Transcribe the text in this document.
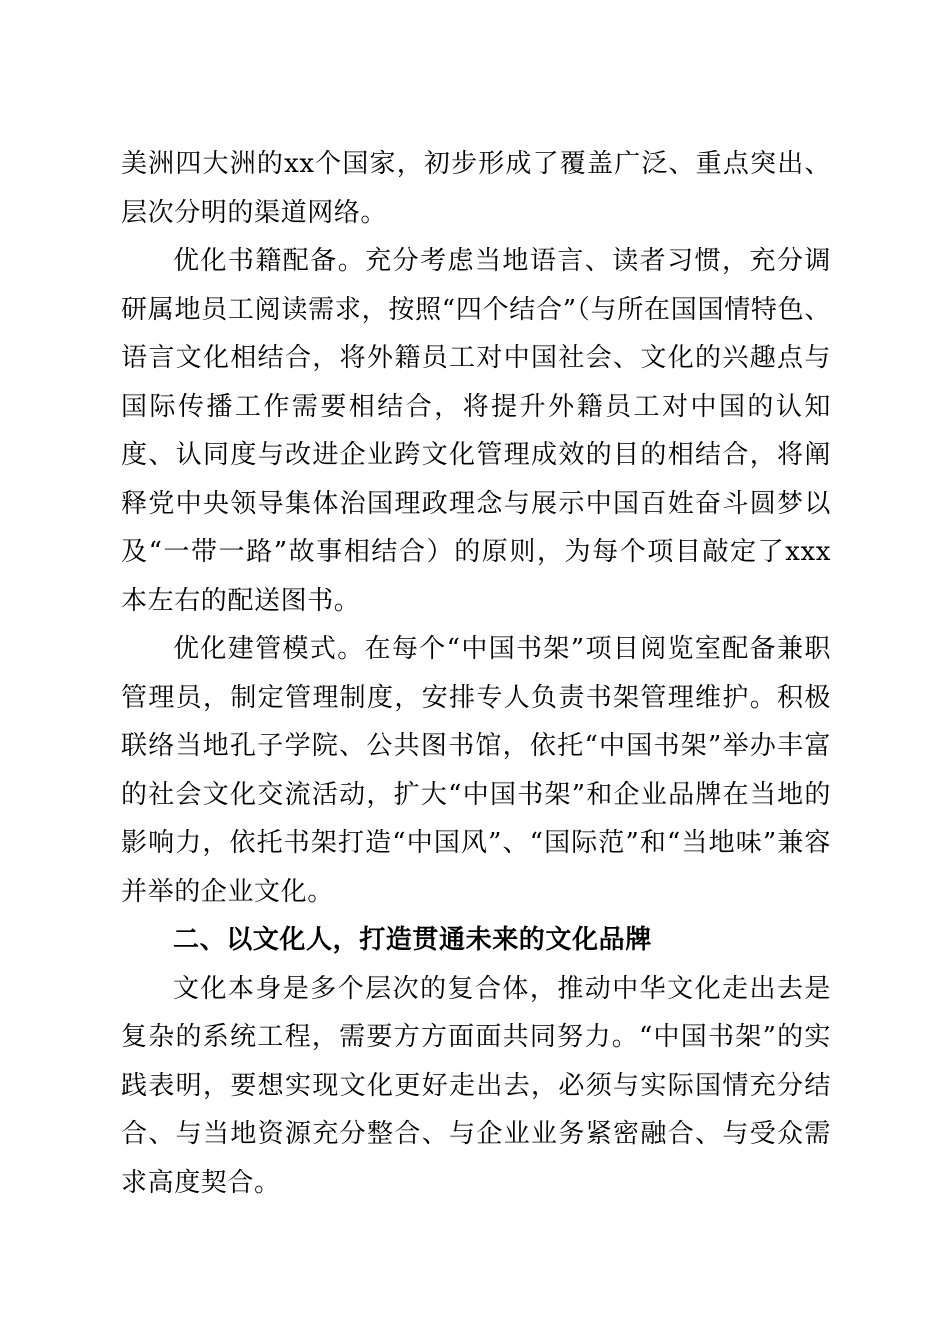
美洲四大洲的xx个国家，初步形成了覆盖广泛、重点突出、层次分明的渠道网络。

优化书籍配备。充分考虑当地语言、读者习惯，充分调研属地员工阅读需求，按照“四个结合”（与所在国国情特色、语言文化相结合，将外籍员工对中国社会、文化的兴趣点与国际传播工作需要相结合，将提升外籍员工对中国的认知度、认同度与改进企业跨文化管理成效的目的相结合，将阐释党中央领导集体治国理政理念与展示中国百姓奋斗圆梦以及“一带一路”故事相结合）的原则，为每个项目敲定了xxx本左右的配送图书。

优化建管模式。在每个“中国书架”项目阅览室配备兼职管理员，制定管理制度，安排专人负责书架管理维护。积极联络当地孔子学院、公共图书馆，依托“中国书架”举办丰富的社会文化交流活动，扩大“中国书架”和企业品牌在当地的影响力，依托书架打造“中国风”、“国际范”和“当地味”兼容并举的企业文化。

二、以文化人，打造贯通未来的文化品牌

文化本身是多个层次的复合体，推动中华文化走出去是复杂的系统工程，需要方方面面共同努力。“中国书架”的实践表明，要想实现文化更好走出去，必须与实际国情充分结合、与当地资源充分整合、与企业业务紧密融合、与受众需求高度契合。
